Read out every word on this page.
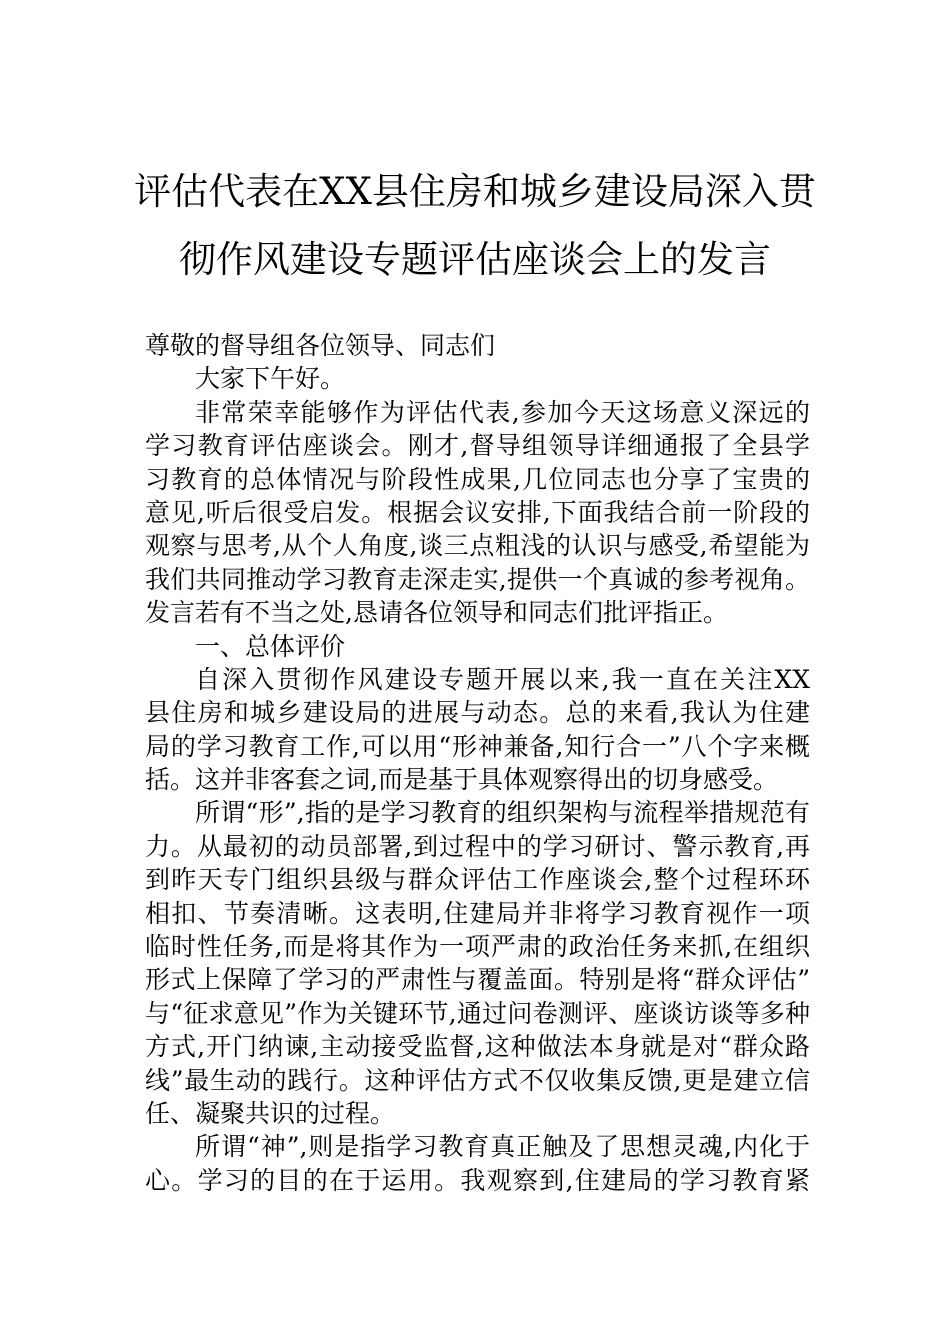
评估代表在XX县住房和城乡建设局深入贯
彻作风建设专题评估座谈会上的发言
尊敬的督导组各位领导、同志们
大家下午好。
非常荣幸能够作为评估代表,参加今天这场意义深远的
学习教育评估座谈会。刚才,督导组领导详细通报了全县学
习教育的总体情况与阶段性成果,几位同志也分享了宝贵的
意见,听后很受启发。根据会议安排,下面我结合前一阶段的
观察与思考,从个人角度,谈三点粗浅的认识与感受,希望能为
我们共同推动学习教育走深走实,提供一个真诚的参考视角。
发言若有不当之处,恳请各位领导和同志们批评指正。
一、总体评价
自深入贯彻作风建设专题开展以来,我一直在关注XX
县住房和城乡建设局的进展与动态。总的来看,我认为住建
局的学习教育工作,可以用“形神兼备,知行合一”八个字来概
括。这并非客套之词,而是基于具体观察得出的切身感受。
所谓“形”,指的是学习教育的组织架构与流程举措规范有
力。从最初的动员部署,到过程中的学习研讨、警示教育,再
到昨天专门组织县级与群众评估工作座谈会,整个过程环环
相扣、节奏清晰。这表明,住建局并非将学习教育视作一项
临时性任务,而是将其作为一项严肃的政治任务来抓,在组织
形式上保障了学习的严肃性与覆盖面。特别是将“群众评估”
与“征求意见”作为关键环节,通过问卷测评、座谈访谈等多种
方式,开门纳谏,主动接受监督,这种做法本身就是对“群众路
线”最生动的践行。这种评估方式不仅收集反馈,更是建立信
任、凝聚共识的过程。
所谓“神”,则是指学习教育真正触及了思想灵魂,内化于
心。学习的目的在于运用。我观察到,住建局的学习教育紧
